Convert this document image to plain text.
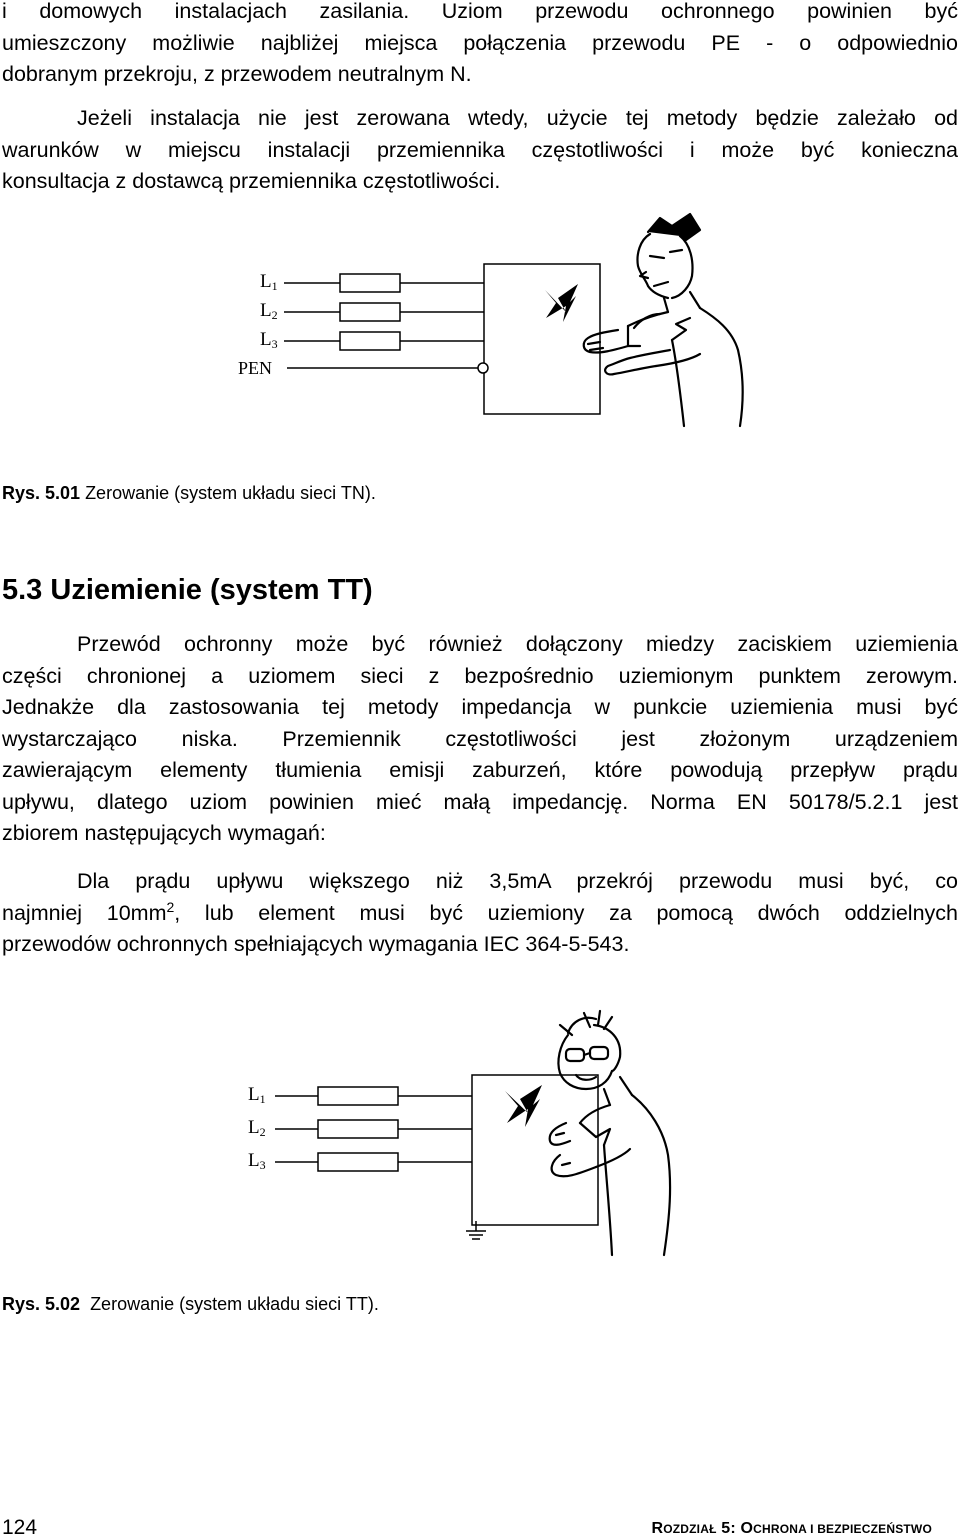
i domowych instalacjach zasilania. Uziom przewodu ochronnego powinien być
umieszczony możliwie najbliżej miejsca połączenia przewodu PE - o odpowiednio
dobranym przekroju, z przewodem neutralnym N.
Jeżeli instalacja nie jest zerowana wtedy, użycie tej metody będzie zależało od
warunków w miejscu instalacji przemiennika częstotliwości i może być konieczna
konsultacja z dostawcą przemiennika częstotliwości.
L1
L2
L3
PEN

Rys. 5.01 Zerowanie (system układu sieci TN).

5.3 Uziemienie (system TT)
Przewód ochronny może być również dołączony miedzy zaciskiem uziemienia
części chronionej a uziomem sieci z bezpośrednio uziemionym punktem zerowym.
Jednakże dla zastosowania tej metody impedancja w punkcie uziemienia musi być
wystarczająco niska. Przemiennik częstotliwości jest złożonym urządzeniem
zawierającym elementy tłumienia emisji zaburzeń, które powodują przepływ prądu
upływu, dlatego uziom powinien mieć małą impedancję. Norma EN 50178/5.2.1 jest
zbiorem następujących wymagań:
Dla prądu upływu większego niż 3,5mA przekrój przewodu musi być, co
najmniej $10mm^2$, lub element musi być uziemiony za pomocą dwóch oddzielnych
przewodów ochronnych spełniających wymagania IEC 364-5-543.
L1
L2
L3

Rys. 5.02  Zerowanie (system układu sieci TT).

124	ROZDZIAŁ 5: OCHRONA I BEZPIECZEŃSTWO
